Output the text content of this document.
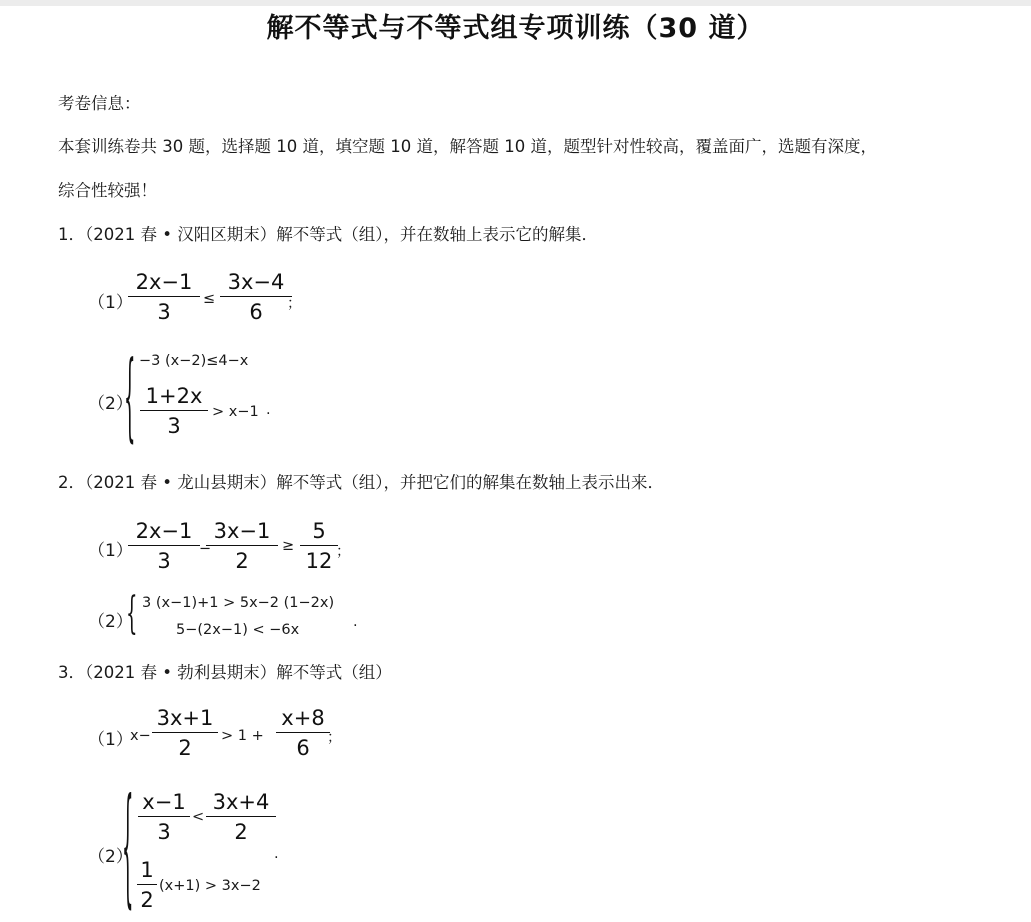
解不等式与不等式组专项训练（30 道）
考卷信息：
本套训练卷共 30 题，选择题 10 道，填空题 10 道，解答题 10 道，题型针对性较高，覆盖面广，选题有深度，
综合性较强！
1．（2021 春 • 汉阳区期末）解不等式（组），并在数轴上表示它的解集．
（1）
2x−1
3
≤
3x−4
6	；
（2）
{ −3 (x−2)≤4−x
1+2x
3
> x−1 .
2．（2021 春 • 龙山县期末）解不等式（组），并把它们的解集在数轴上表示出来．
（1）
2x−1
3	−
3x−1
2
≥
5
12 ；
（2）
{ 3 (x−1)+1 > 5x−2 (1−2x)
5−(2x−1) < −6x	.
3．（2021 春 • 勃利县期末）解不等式（组）
（1）
x−
3x+1
2	> 1 +
x+8
6	；
（2）
{ x−1
3
<
3x+4
2
1
2
(x+1) > 3x−2
.
